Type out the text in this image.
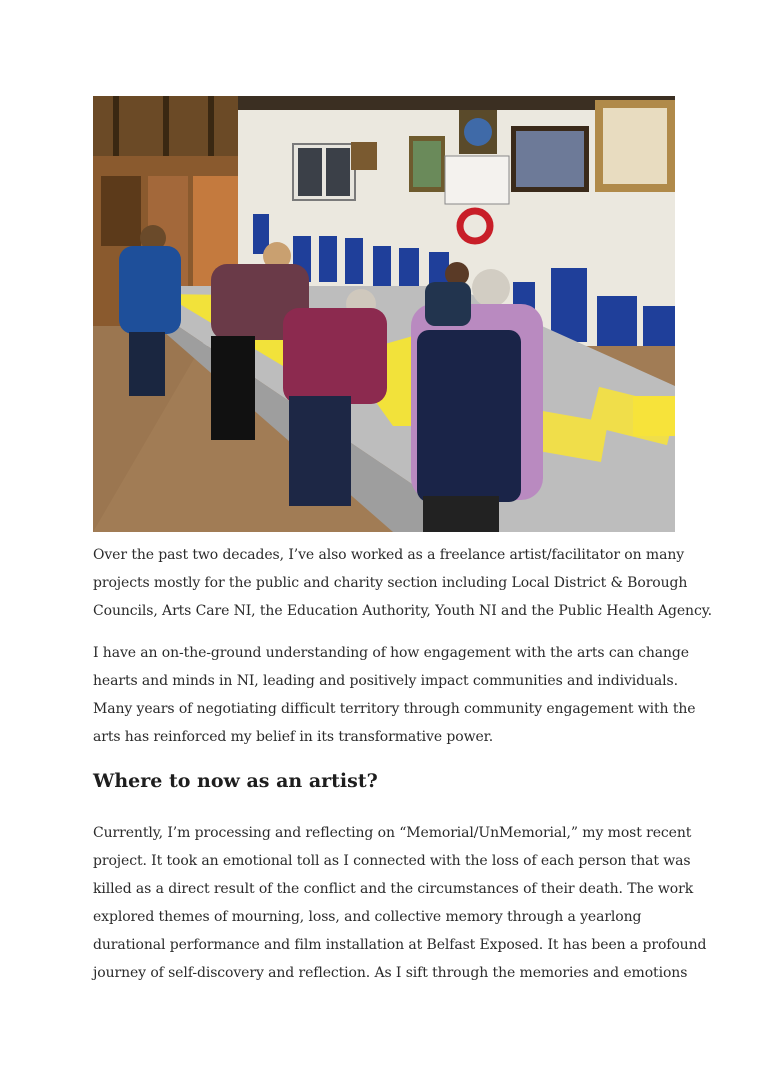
Over the past two decades, I’ve also worked as a freelance artist/facilitator on many
projects mostly for the public and charity section including Local District & Borough
Councils, Arts Care NI, the Education Authority, Youth NI and the Public Health Agency.

I have an on-the-ground understanding of how engagement with the arts can change
hearts and minds in NI, leading and positively impact communities and individuals.
Many years of negotiating difficult territory through community engagement with the
arts has reinforced my belief in its transformative power.

Where to now as an artist?

Currently, I’m processing and reflecting on “Memorial/UnMemorial,” my most recent
project. It took an emotional toll as I connected with the loss of each person that was
killed as a direct result of the conflict and the circumstances of their death. The work
explored themes of mourning, loss, and collective memory through a yearlong
durational performance and film installation at Belfast Exposed. It has been a profound
journey of self-discovery and reflection. As I sift through the memories and emotions
